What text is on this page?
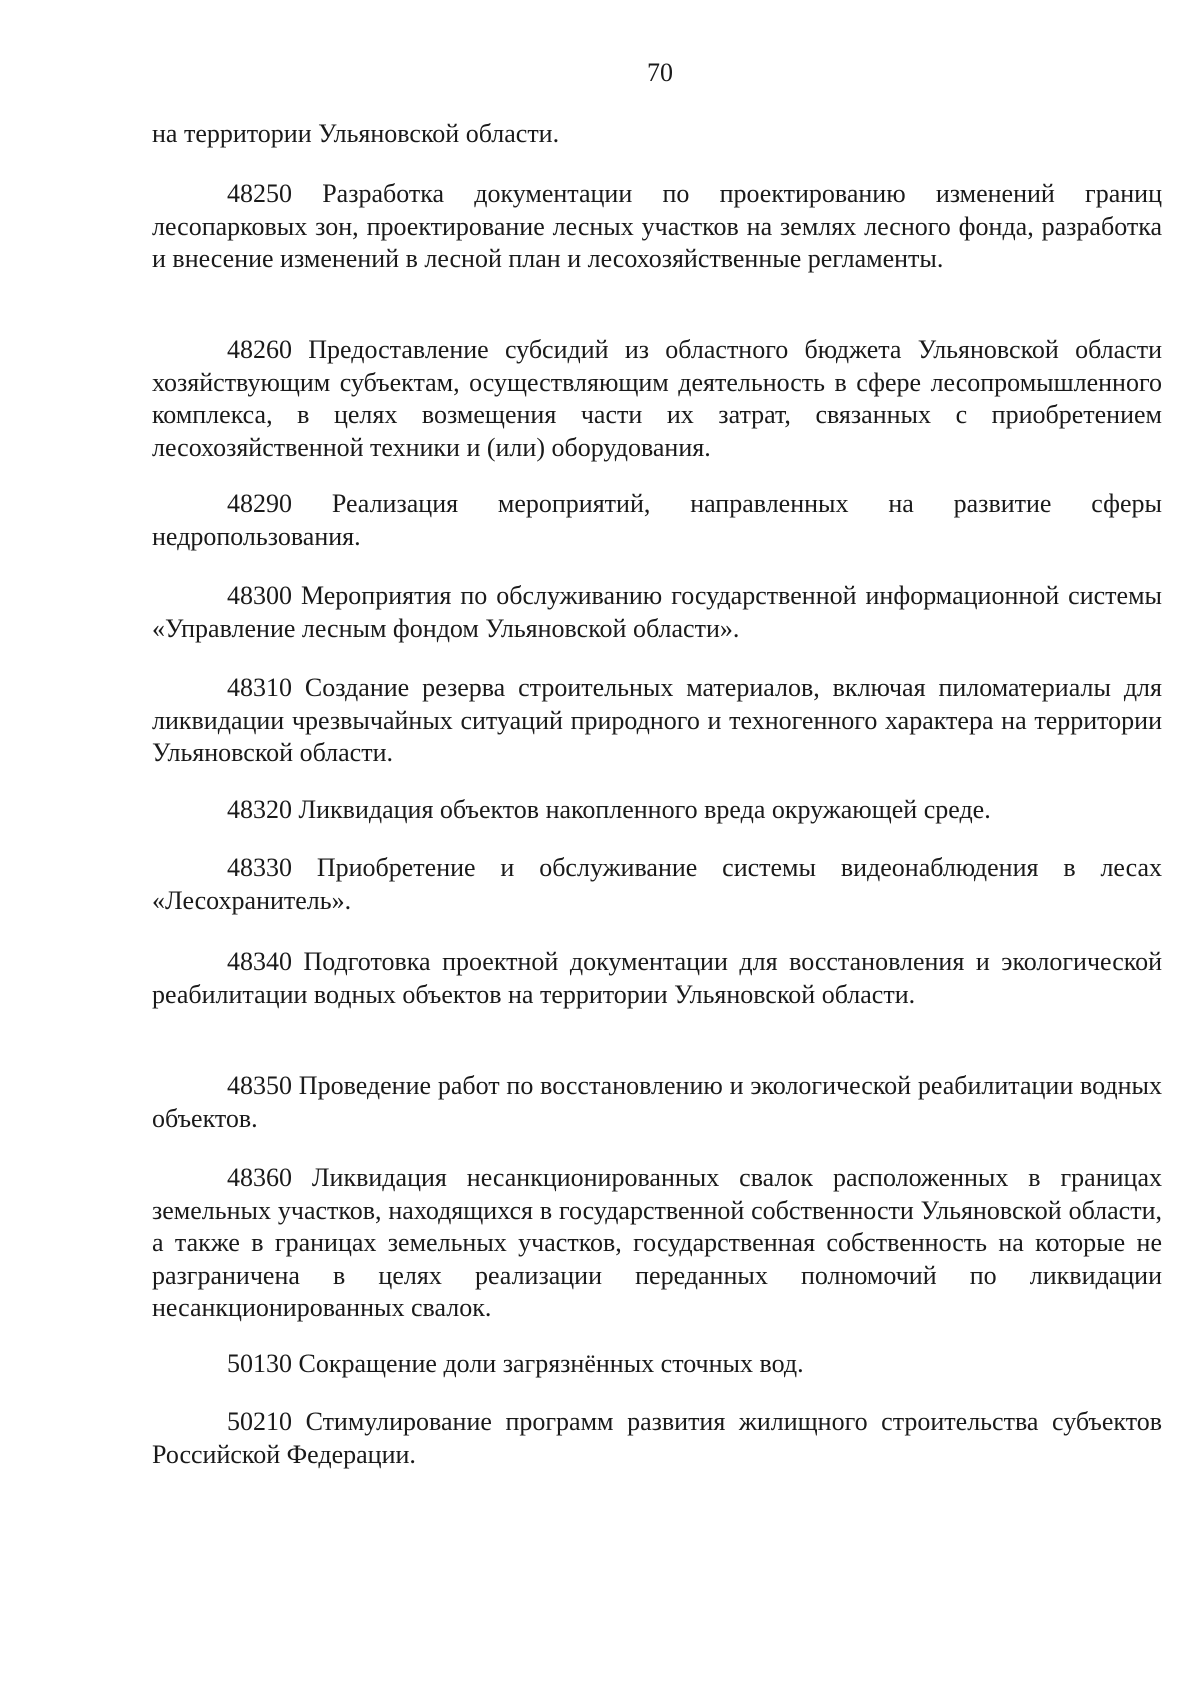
70

на территории Ульяновской области.

48250 Разработка документации по проектированию изменений границ лесопарковых зон, проектирование лесных участков на землях лесного фонда, разработка и внесение изменений в лесной план и лесохозяйственные регламенты.

48260 Предоставление субсидий из областного бюджета Ульяновской области хозяйствующим субъектам, осуществляющим деятельность в сфере лесопромышленного комплекса, в целях возмещения части их затрат, связанных с приобретением лесохозяйственной техники и (или) оборудования.

48290 Реализация мероприятий, направленных на развитие сферы недропользования.

48300 Мероприятия по обслуживанию государственной информационной системы «Управление лесным фондом Ульяновской области».

48310 Создание резерва строительных материалов, включая пиломатериалы для ликвидации чрезвычайных ситуаций природного и техногенного характера на территории Ульяновской области.

48320 Ликвидация объектов накопленного вреда окружающей среде.

48330 Приобретение и обслуживание системы видеонаблюдения в лесах «Лесохранитель».

48340 Подготовка проектной документации для восстановления и экологической реабилитации водных объектов на территории Ульяновской области.

48350 Проведение работ по восстановлению и экологической реабилитации водных объектов.

48360 Ликвидация несанкционированных свалок расположенных в границах земельных участков, находящихся в государственной собственности Ульяновской области, а также в границах земельных участков, государственная собственность на которые не разграничена в целях реализации переданных полномочий по ликвидации несанкционированных свалок.

50130 Сокращение доли загрязнённых сточных вод.

50210 Стимулирование программ развития жилищного строительства субъектов Российской Федерации.
